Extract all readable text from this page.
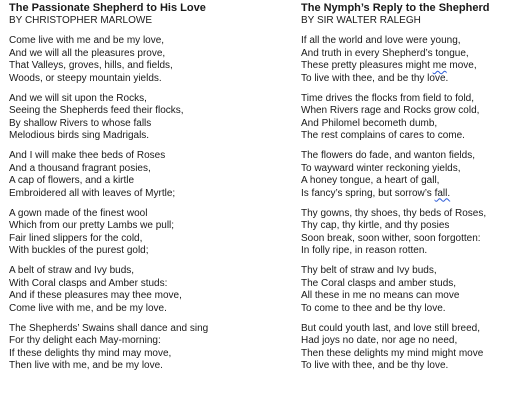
The Passionate Shepherd to His Love
BY CHRISTOPHER MARLOWE
Come live with me and be my love,
And we will all the pleasures prove,
That Valleys, groves, hills, and fields,
Woods, or steepy mountain yields.
And we will sit upon the Rocks,
Seeing the Shepherds feed their flocks,
By shallow Rivers to whose falls
Melodious birds sing Madrigals.
And I will make thee beds of Roses
And a thousand fragrant posies,
A cap of flowers, and a kirtle
Embroidered all with leaves of Myrtle;
A gown made of the finest wool
Which from our pretty Lambs we pull;
Fair lined slippers for the cold,
With buckles of the purest gold;
A belt of straw and Ivy buds,
With Coral clasps and Amber studs:
And if these pleasures may thee move,
Come live with me, and be my love.
The Shepherds’ Swains shall dance and sing
For thy delight each May-morning:
If these delights thy mind may move,
Then live with me, and be my love.
The Nymph’s Reply to the Shepherd
BY SIR WALTER RALEGH
If all the world and love were young,
And truth in every Shepherd’s tongue,
These pretty pleasures might me move,
To live with thee, and be thy love.
Time drives the flocks from field to fold,
When Rivers rage and Rocks grow cold,
And Philomel becometh dumb,
The rest complains of cares to come.
The flowers do fade, and wanton fields,
To wayward winter reckoning yields,
A honey tongue, a heart of gall,
Is fancy’s spring, but sorrow’s fall.
Thy gowns, thy shoes, thy beds of Roses,
Thy cap, thy kirtle, and thy posies
Soon break, soon wither, soon forgotten:
In folly ripe, in reason rotten.
Thy belt of straw and Ivy buds,
The Coral clasps and amber studs,
All these in me no means can move
To come to thee and be thy love.
But could youth last, and love still breed,
Had joys no date, nor age no need,
Then these delights my mind might move
To live with thee, and be thy love.
